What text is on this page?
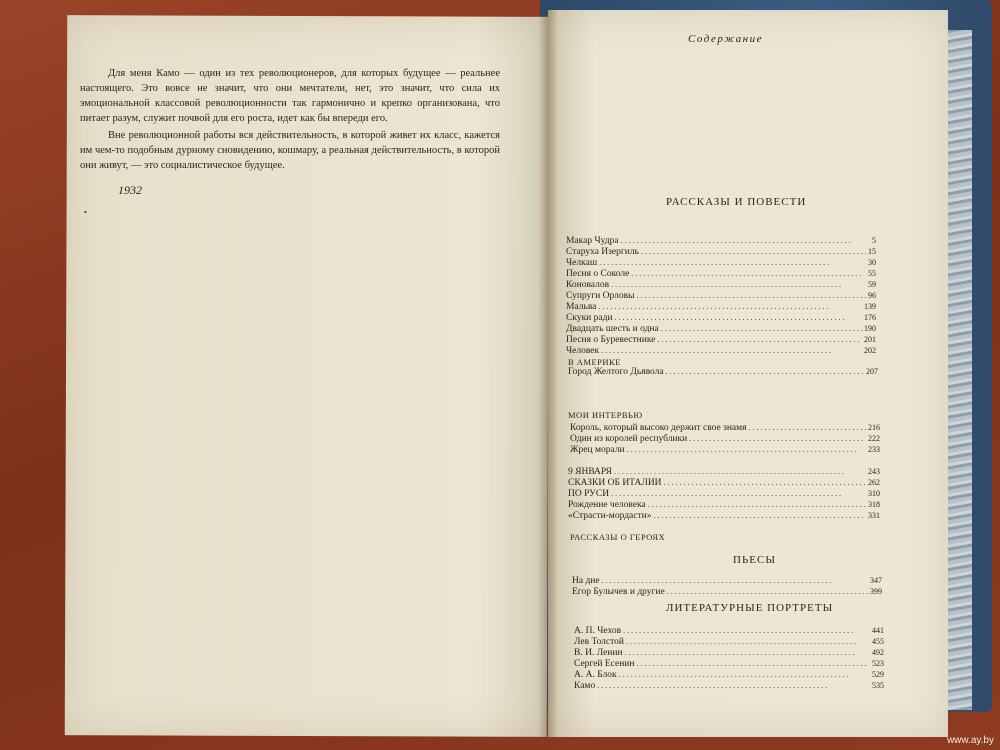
Для меня Камо — один из тех революционеров, для которых будущее — реальнее настоящего. Это вовсе не значит, что они мечтатели, нет, это значит, что сила их эмоциональной классовой революционности так гармонично и крепко организована, что питает разум, служит почвой для его роста, идет как бы впереди его.

Вне революционной работы вся действительность, в которой живет их класс, кажется им чем-то подобным дурному сновидению, кошмару, а реальная действительность, в которой они живут, — это социалистическое будущее.

1932
•
Содержание
РАССКАЗЫ И ПОВЕСТИ
Макар Чудра . . .	5
Старуха Изергиль . . .	15
Челкаш . . .	30
Песня о Соколе . . .	55
Коновалов . . .	59
Супруги Орловы . . .	96
Мальва . . .	139
Скуки ради . . .	176
Двадцать шесть и одна . . .	190
Песня о Буревестнике . . .	201
Человек . . .	202
В АМЕРИКЕ
Город Желтого Дьявола . . .	207
МОИ ИНТЕРВЬЮ
Король, который высоко держит свое знамя . . .	216
Один из королей республики . . .	222
Жрец морали . . .	233
9 ЯНВАРЯ . . .	243
СКАЗКИ ОБ ИТАЛИИ . . .	262
ПО РУСИ . . .	310
Рождение человека . . .	318
«Страсти-мордасти» . . .	331
РАССКАЗЫ О ГЕРОЯХ
ПЬЕСЫ
На дне . . .	347
Егор Булычев и другие . . .	399
ЛИТЕРАТУРНЫЕ ПОРТРЕТЫ
А. П. Чехов . . .	441
Лев Толстой . . .	455
В. И. Ленин . . .	492
Сергей Есенин . . .	523
А. А. Блок . . .	529
Камо . . .	535
www.ay.by
